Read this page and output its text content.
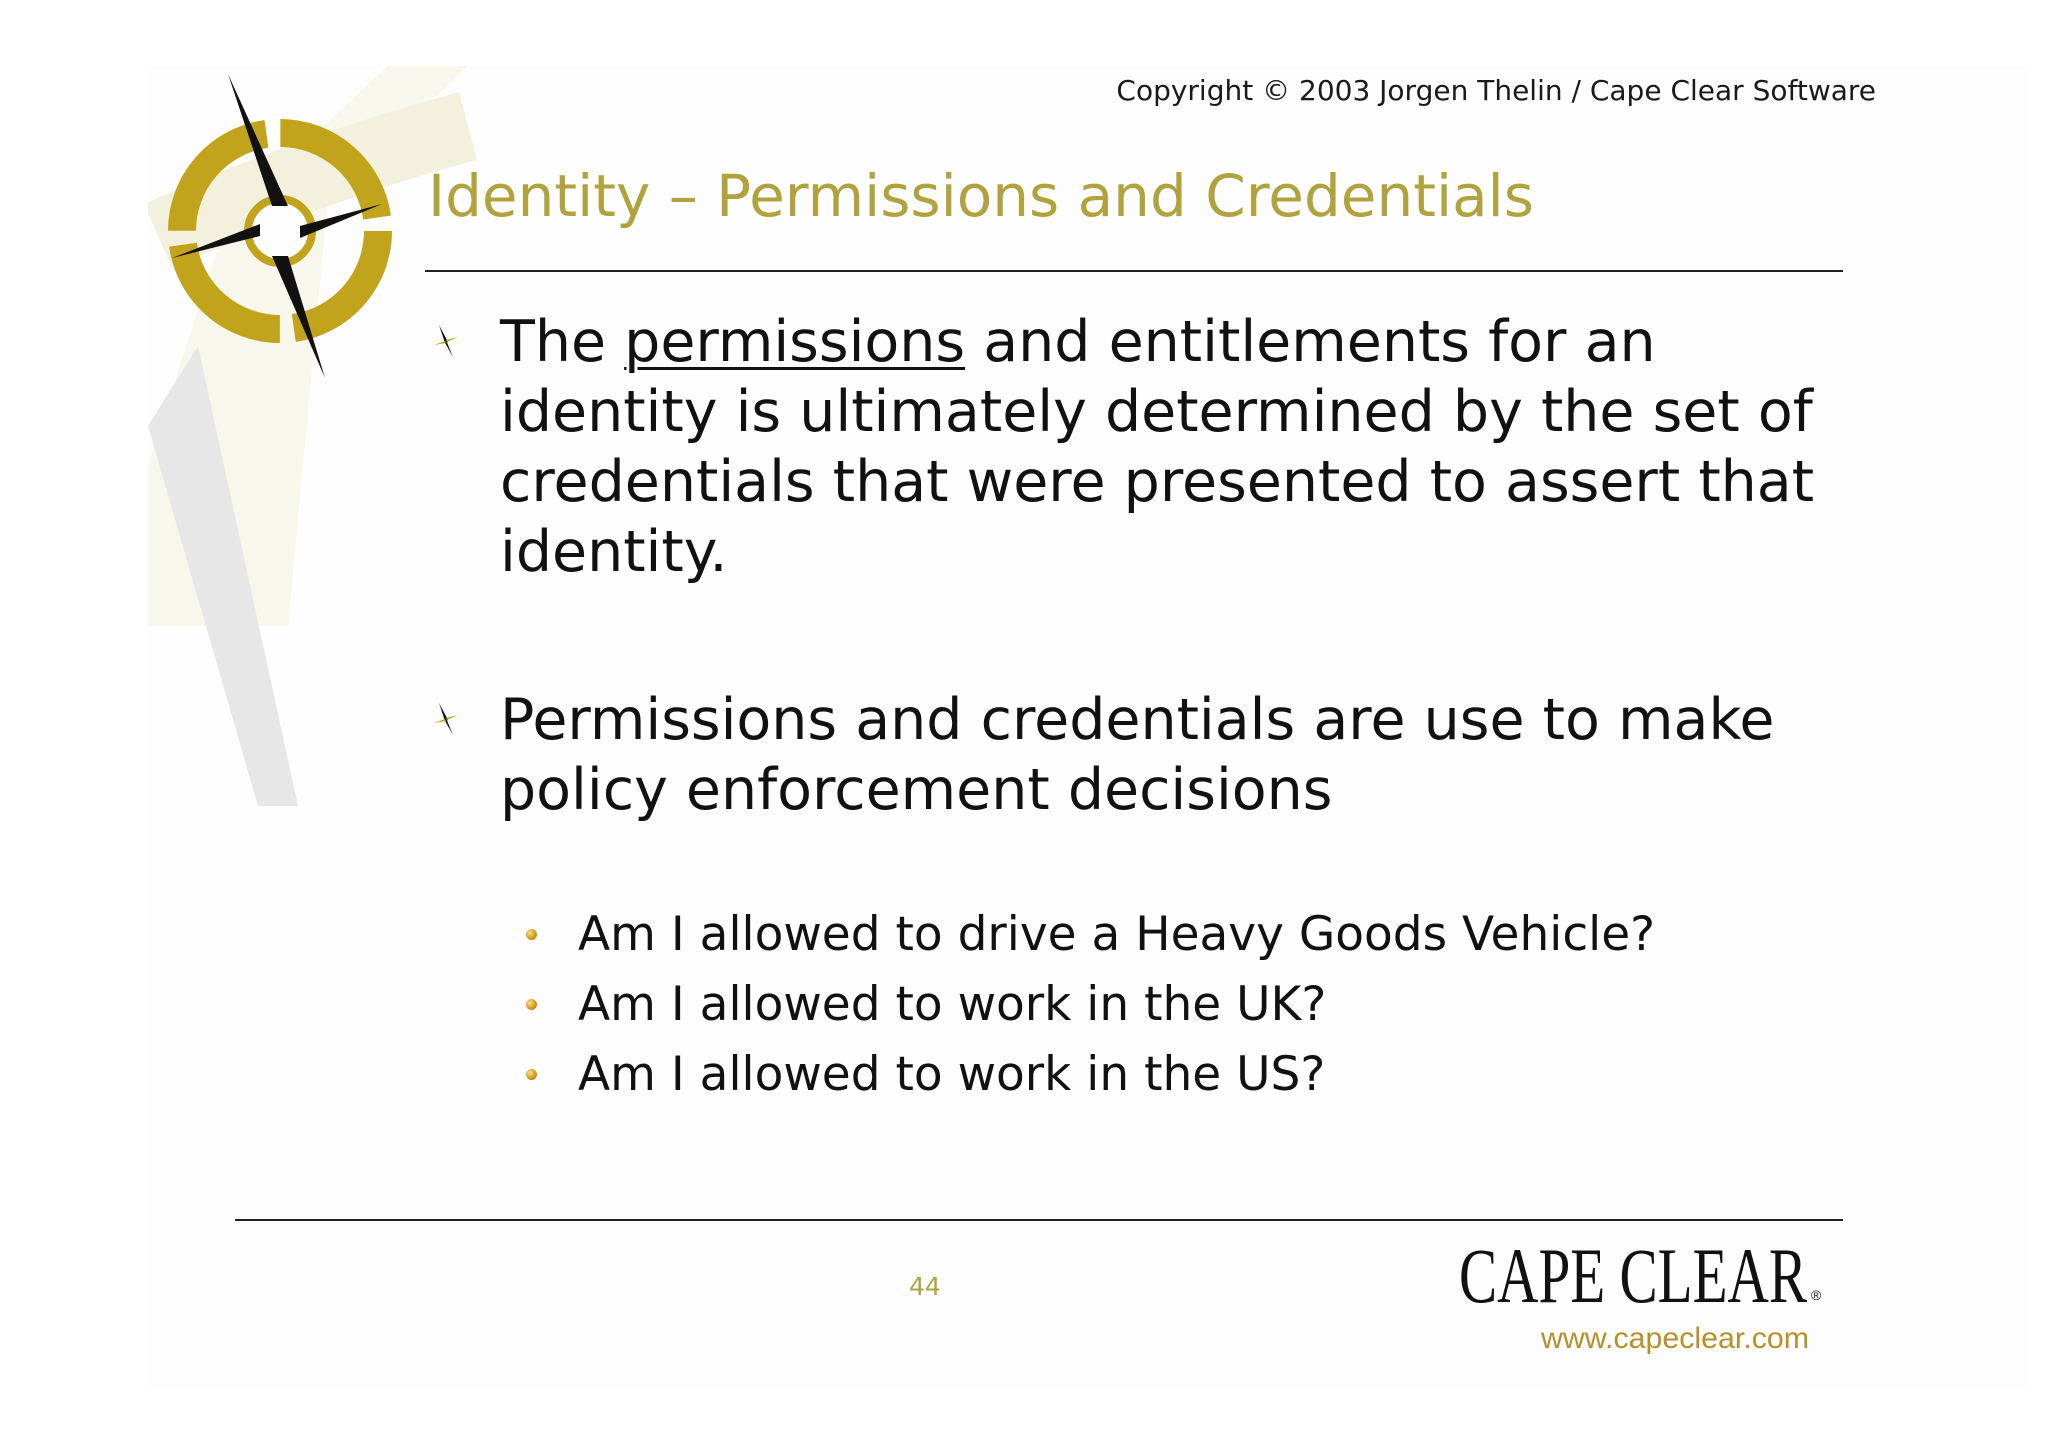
Copyright © 2003 Jorgen Thelin / Cape Clear Software
Identity – Permissions and Credentials
The permissions and entitlements for an identity is ultimately determined by the set of credentials that were presented to assert that identity.
Permissions and credentials are use to make policy enforcement decisions
Am I allowed to drive a Heavy Goods Vehicle?
Am I allowed to work in the UK?
Am I allowed to work in the US?
44	CAPE CLEAR ®
www.capeclear.com
